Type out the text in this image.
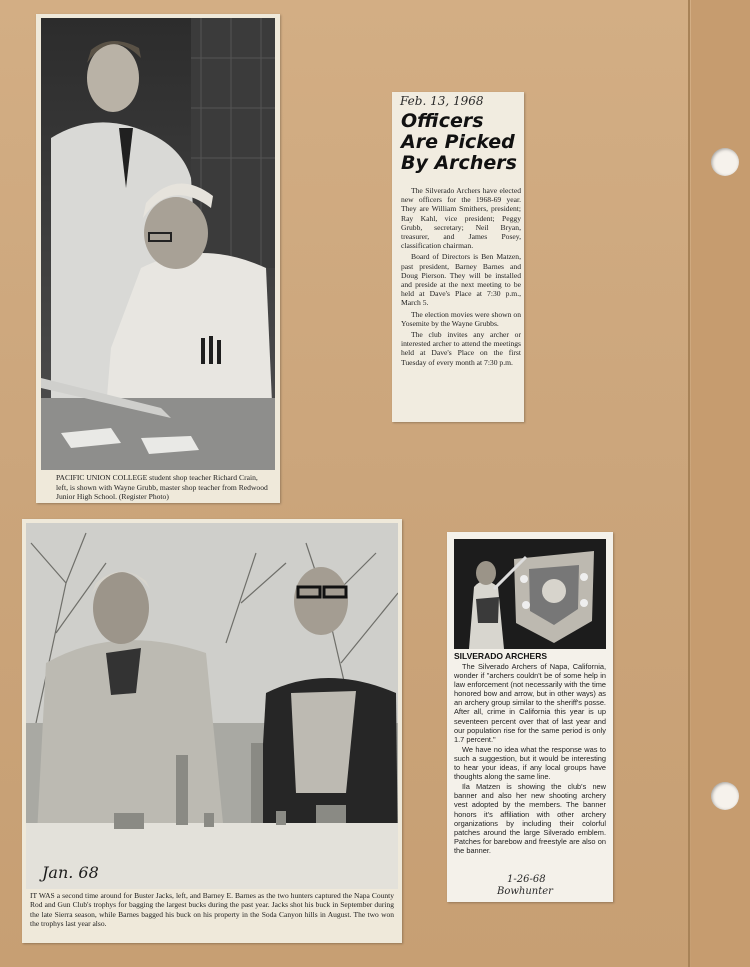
PACIFIC UNION COLLEGE student shop teacher Richard Crain, left, is shown with Wayne Grubb, master shop teacher from Redwood Junior High School. (Register Photo)
Feb. 13, 1968
Officers Are Picked By Archers

The Silverado Archers have elected new officers for the 1968-69 year. They are William Smithers, president; Ray Kahl, vice president; Peggy Grubb, secretary; Neil Bryan, treasurer, and James Posey, classification chairman.

Board of Directors is Ben Matzen, past president, Barney Barnes and Doug Pierson. They will be installed and preside at the next meeting to be held at Dave's Place at 7:30 p.m., March 5.

The election movies were shown on Yosemite by the Wayne Grubbs.

The club invites any archer or interested archer to attend the meetings held at Dave's Place on the first Tuesday of every month at 7:30 p.m.

Jan. 68
IT WAS a second time around for Buster Jacks, left, and Barney E. Barnes as the two hunters captured the Napa County Rod and Gun Club's trophys for bagging the largest bucks during the past year. Jacks shot his buck in September during the late Sierra season, while Barnes bagged his buck on his property in the Soda Canyon hills in August. The two won the trophys last year also.
SILVERADO ARCHERS

The Silverado Archers of Napa, California, wonder if "archers couldn't be of some help in law enforcement (not necessarily with the time honored bow and arrow, but in other ways) as an archery group similar to the sheriff's posse. After all, crime in California this year is up seventeen percent over that of last year and our population rise for the same period is only 1.7 percent."

We have no idea what the response was to such a suggestion, but it would be interesting to hear your ideas, if any local groups have thoughts along the same line.

Ila Matzen is showing the club's new banner and also her new shooting archery vest adopted by the members. The banner honors it's affiliation with other archery organizations by including their colorful patches around the large Silverado emblem. Patches for barebow and freestyle are also on the banner.

1-26-68
Bowhunter
